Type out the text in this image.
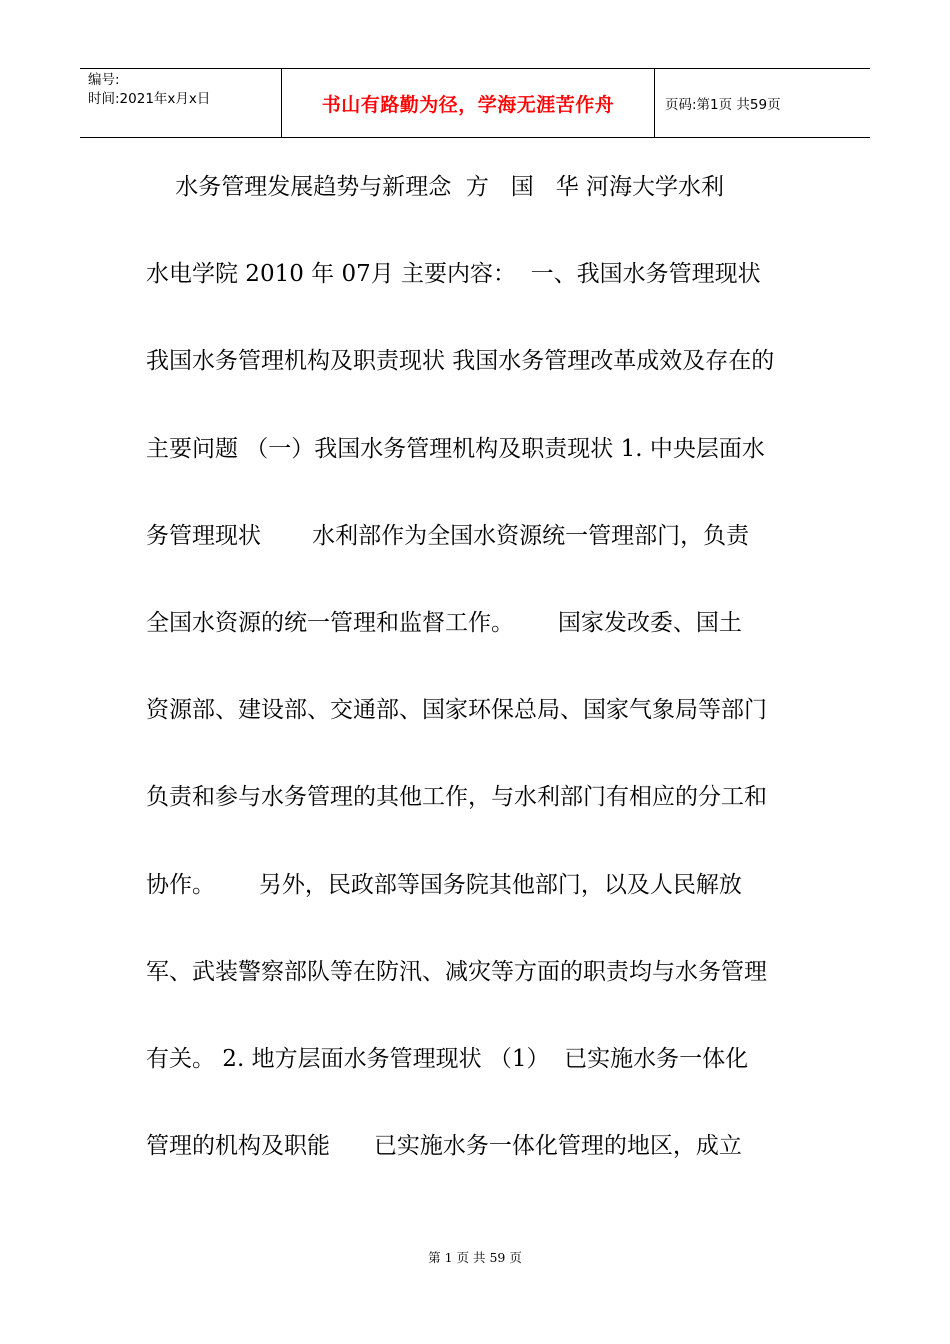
编号:
时间:2021年x月x日	书山有路勤为径，学海无涯苦作舟	页码:第1页 共59页
水务管理发展趋势与新理念  方   国   华 河海大学水利
水电学院 2010 年 07月 主要内容：  一、我国水务管理现状
我国水务管理机构及职责现状 我国水务管理改革成效及存在的
主要问题 （一）我国水务管理机构及职责现状 1. 中央层面水
务管理现状       水利部作为全国水资源统一管理部门，负责
全国水资源的统一管理和监督工作。      国家发改委、国土
资源部、建设部、交通部、国家环保总局、国家气象局等部门
负责和参与水务管理的其他工作，与水利部门有相应的分工和
协作。      另外，民政部等国务院其他部门，以及人民解放
军、武装警察部队等在防汛、减灾等方面的职责均与水务管理
有关。 2. 地方层面水务管理现状 （1）  已实施水务一体化
管理的机构及职能      已实施水务一体化管理的地区，成立
第 1 页 共 59 页
